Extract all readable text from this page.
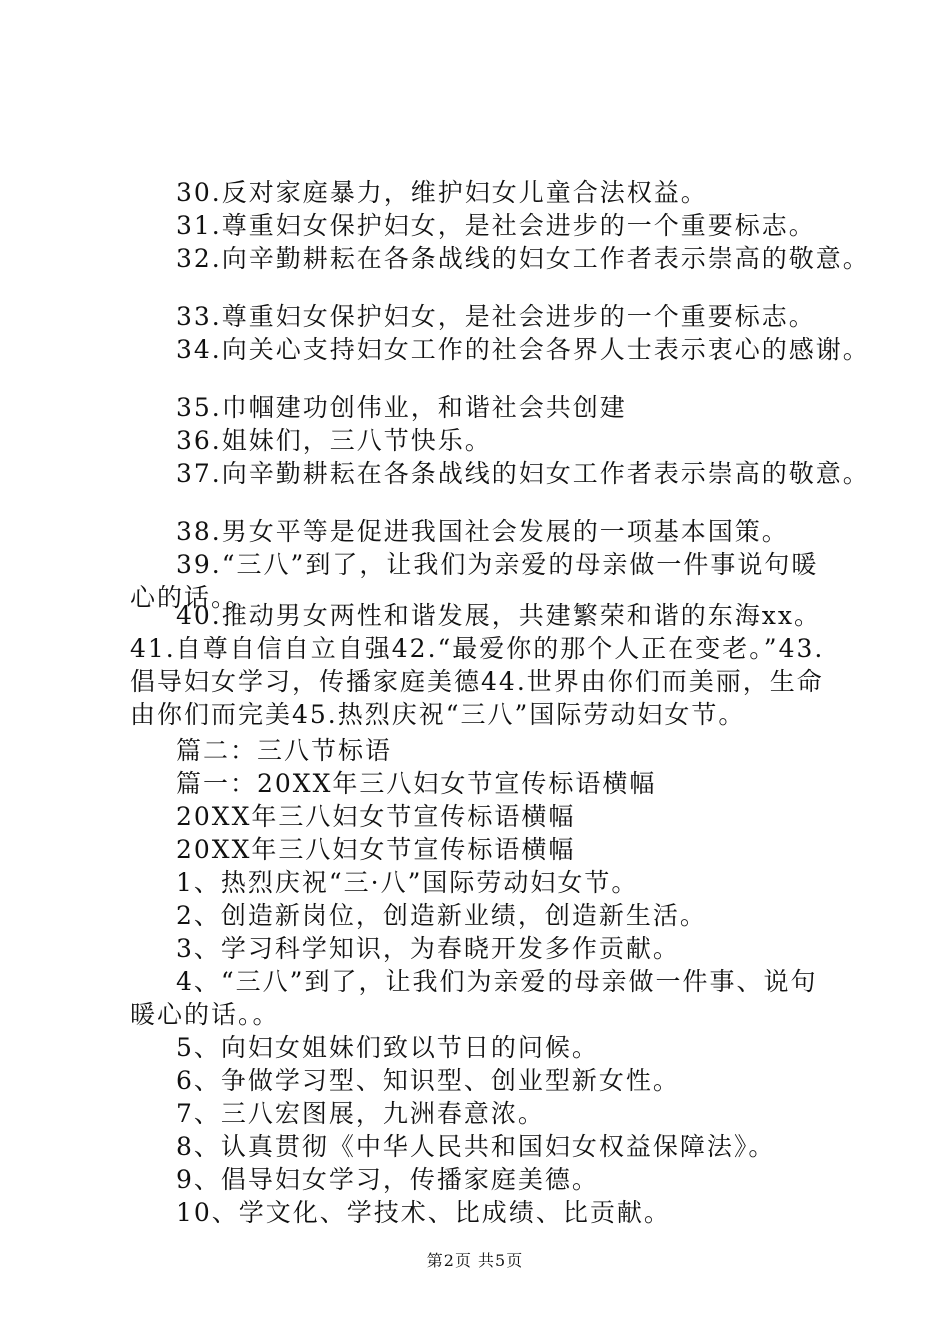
30.反对家庭暴力，维护妇女儿童合法权益。

31.尊重妇女保护妇女，是社会进步的一个重要标志。

32.向辛勤耕耘在各条战线的妇女工作者表示崇高的敬意。

33.尊重妇女保护妇女，是社会进步的一个重要标志。

34.向关心支持妇女工作的社会各界人士表示衷心的感谢。

35.巾帼建功创伟业，和谐社会共创建

36.姐妹们，三八节快乐。

37.向辛勤耕耘在各条战线的妇女工作者表示崇高的敬意。

38.男女平等是促进我国社会发展的一项基本国策。

39.“三八”到了，让我们为亲爱的母亲做一件事说句暖心的话。。

40.推动男女两性和谐发展，共建繁荣和谐的东海xx。41.自尊自信自立自强42.“最爱你的那个人正在变老。”43.倡导妇女学习，传播家庭美德44.世界由你们而美丽，生命由你们而完美45.热烈庆祝“三八”国际劳动妇女节。

篇二：三八节标语

篇一：20XX年三八妇女节宣传标语横幅

20XX年三八妇女节宣传标语横幅

20XX年三八妇女节宣传标语横幅

1、热烈庆祝“三·八”国际劳动妇女节。

2、创造新岗位，创造新业绩，创造新生活。

3、学习科学知识，为春晓开发多作贡献。

4、“三八”到了，让我们为亲爱的母亲做一件事、说句暖心的话。。

5、向妇女姐妹们致以节日的问候。

6、争做学习型、知识型、创业型新女性。

7、三八宏图展，九洲春意浓。

8、认真贯彻《中华人民共和国妇女权益保障法》。

9、倡导妇女学习，传播家庭美德。

10、学文化、学技术、比成绩、比贡献。

第2页 共5页
